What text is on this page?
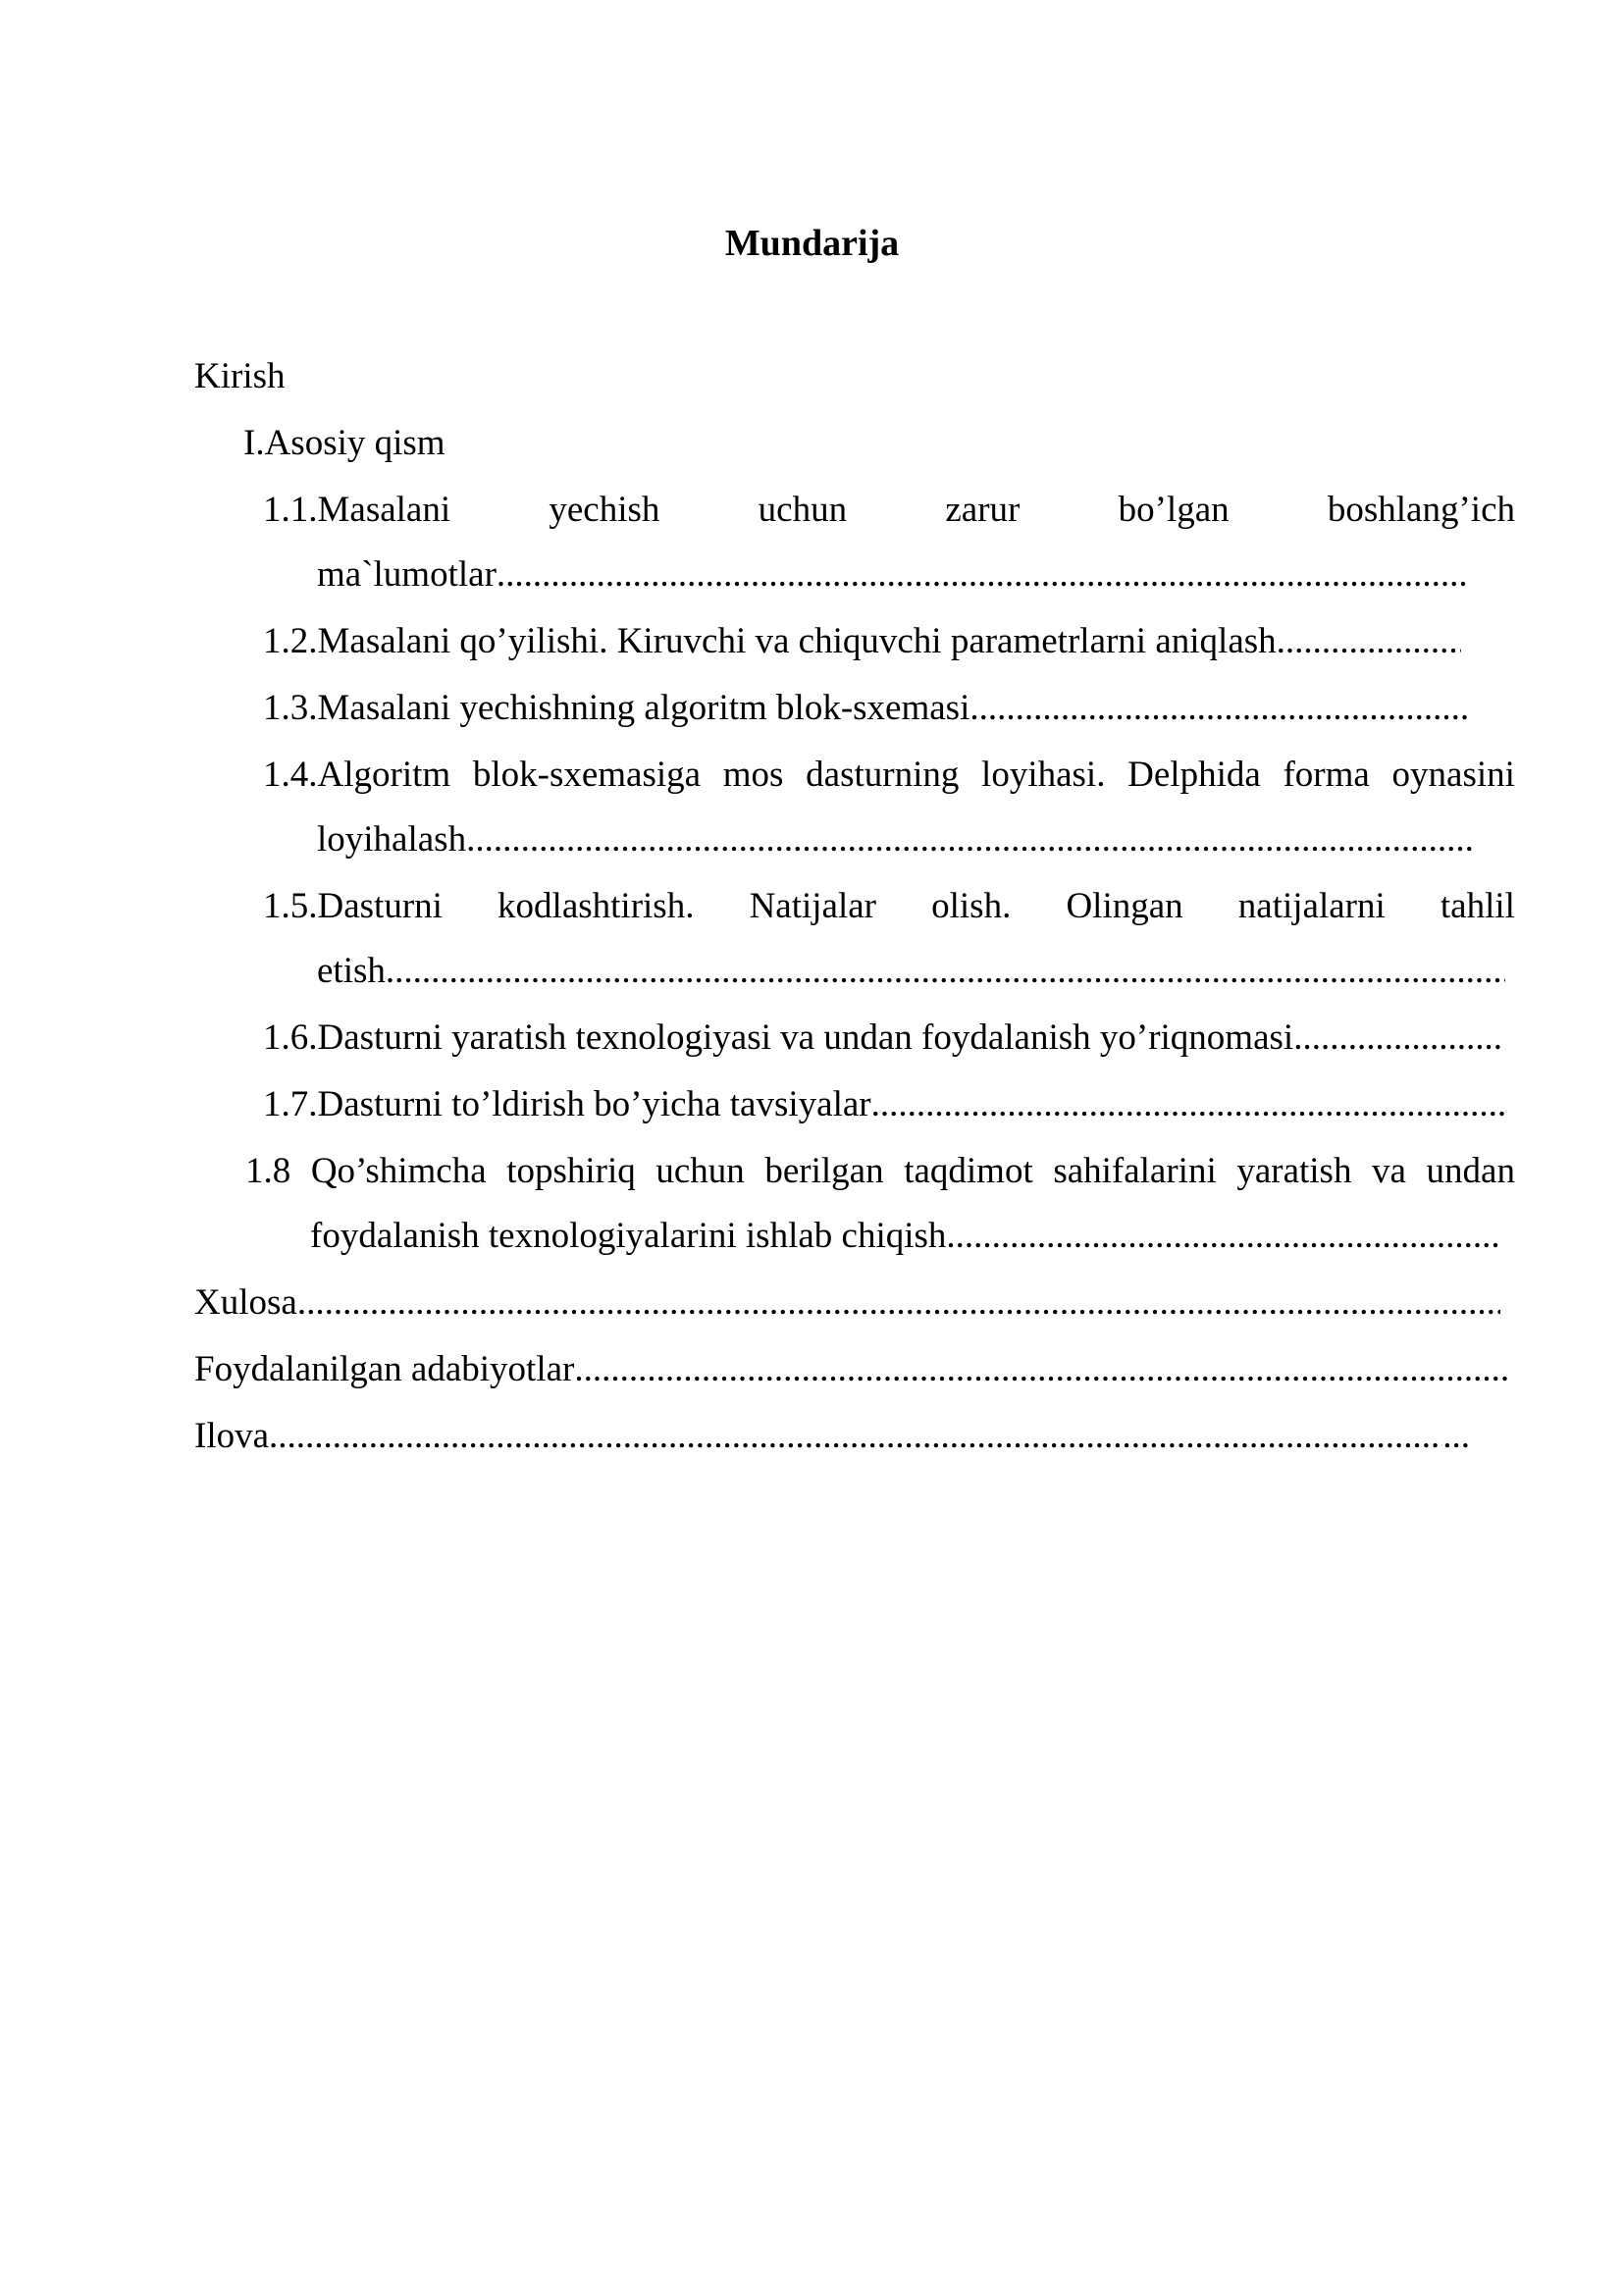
Mundarija
Kirish
I.Asosiy qism
1.1.Masalani	yechish	uchun	zarur	bo’lgan	boshlang’ich
ma`lumotlar
.....
1.2.Masalani qo’yilishi. Kiruvchi va chiquvchi parametrlarni aniqlash
.....
1.3.Masalani yechishning algoritm blok-sxemasi
.....
1.4.Algoritm blok-sxemasiga mos dasturning loyihasi. Delphida forma oynasini
loyihalash
.....
1.5.Dasturni kodlashtirish. Natijalar olish. Olingan natijalarni tahlil
etish
.....
1.6.Dasturni yaratish texnologiyasi va undan foydalanish yo’riqnomasi
.....
1.7.Dasturni to’ldirish bo’yicha tavsiyalar
.....
1.8 Qo’shimcha topshiriq uchun berilgan taqdimot sahifalarini yaratish va undan
foydalanish texnologiyalarini ishlab chiqish
.....
Xulosa
.....
Foydalanilgan adabiyotlar
.....
Ilova
.....	...
